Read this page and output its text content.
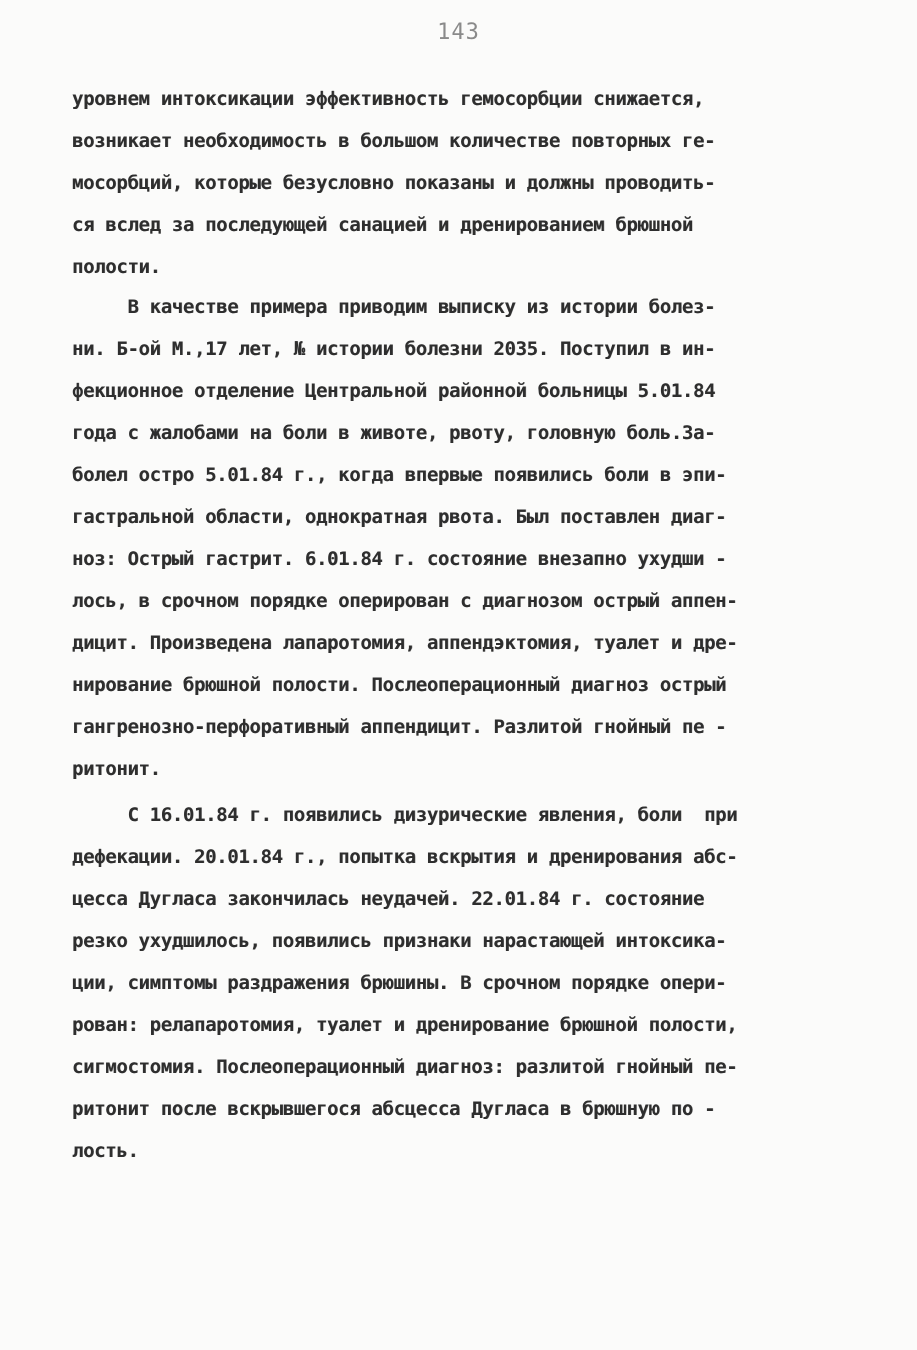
143
уровнем интоксикации эффективность гемосорбции снижается,
возникает необходимость в большом количестве повторных ге-
мосорбций, которые безусловно показаны и должны проводить-
ся вслед за последующей санацией и дренированием брюшной
полости.
В качестве примера приводим выписку из истории болез-
ни. Б-ой М.,17 лет, № истории болезни 2035. Поступил в ин-
фекционное отделение Центральной районной больницы 5.01.84
года с жалобами на боли в животе, рвоту, головную боль.За-
болел остро 5.01.84 г., когда впервые появились боли в эпи-
гастральной области, однократная рвота. Был поставлен диаг-
ноз: Острый гастрит. 6.01.84 г. состояние внезапно ухудши -
лось, в срочном порядке оперирован с диагнозом острый аппен-
дицит. Произведена лапаротомия, аппендэктомия, туалет и дре-
нирование брюшной полости. Послеоперационный диагноз острый
гангренозно-перфоративный аппендицит. Разлитой гнойный пе -
ритонит.
С 16.01.84 г. появились дизурические явления, боли  при
дефекации. 20.01.84 г., попытка вскрытия и дренирования абс-
цесса Дугласа закончилась неудачей. 22.01.84 г. состояние
резко ухудшилось, появились признаки нарастающей интоксика-
ции, симптомы раздражения брюшины. В срочном порядке опери-
рован: релапаротомия, туалет и дренирование брюшной полости,
сигмостомия. Послеоперационный диагноз: разлитой гнойный пе-
ритонит после вскрывшегося абсцесса Дугласа в брюшную по -
лость.
